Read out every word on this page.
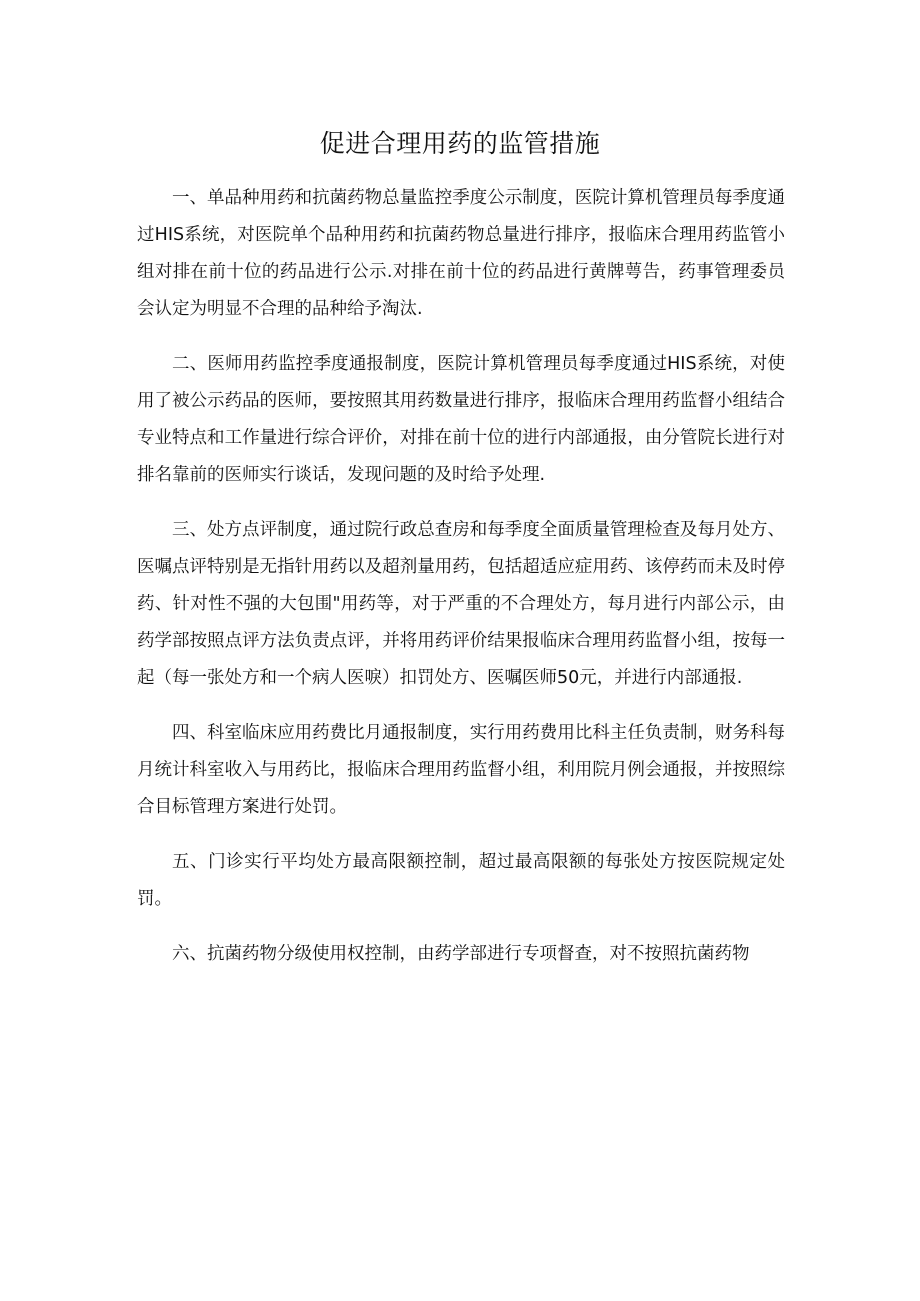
促进合理用药的监管措施

一、单品种用药和抗菌药物总量监控季度公示制度，医院计算机管理员每季度通过HIS系统，对医院单个品种用药和抗菌药物总量进行排序，报临床合理用药监管小组对排在前十位的药品进行公示.对排在前十位的药品进行黄牌萼告，药事管理委员会认定为明显不合理的品种给予淘汰.

二、医师用药监控季度通报制度，医院计算机管理员每季度通过HIS系统，对使用了被公示药品的医师，要按照其用药数量进行排序，报临床合理用药监督小组结合专业特点和工作量进行综合评价，对排在前十位的进行内部通报，由分管院长进行对排名靠前的医师实行谈话，发现问题的及时给予处理.

三、处方点评制度，通过院行政总查房和每季度全面质量管理检查及每月处方、医嘱点评特别是无指针用药以及超剂量用药，包括超适应症用药、该停药而未及时停药、针对性不强的大包围"用药等，对于严重的不合理处方，每月进行内部公示，由药学部按照点评方法负责点评，并将用药评价结果报临床合理用药监督小组，按每一起（每一张处方和一个病人医唳）扣罚处方、医嘱医师50元，并进行内部通报.

四、科室临床应用药费比月通报制度，实行用药费用比科主任负责制，财务科每月统计科室收入与用药比，报临床合理用药监督小组，利用院月例会通报，并按照综合目标管理方案进行处罚。

五、门诊实行平均处方最高限额控制，超过最高限额的每张处方按医院规定处罚。

六、抗菌药物分级使用权控制，由药学部进行专项督查，对不按照抗菌药物
